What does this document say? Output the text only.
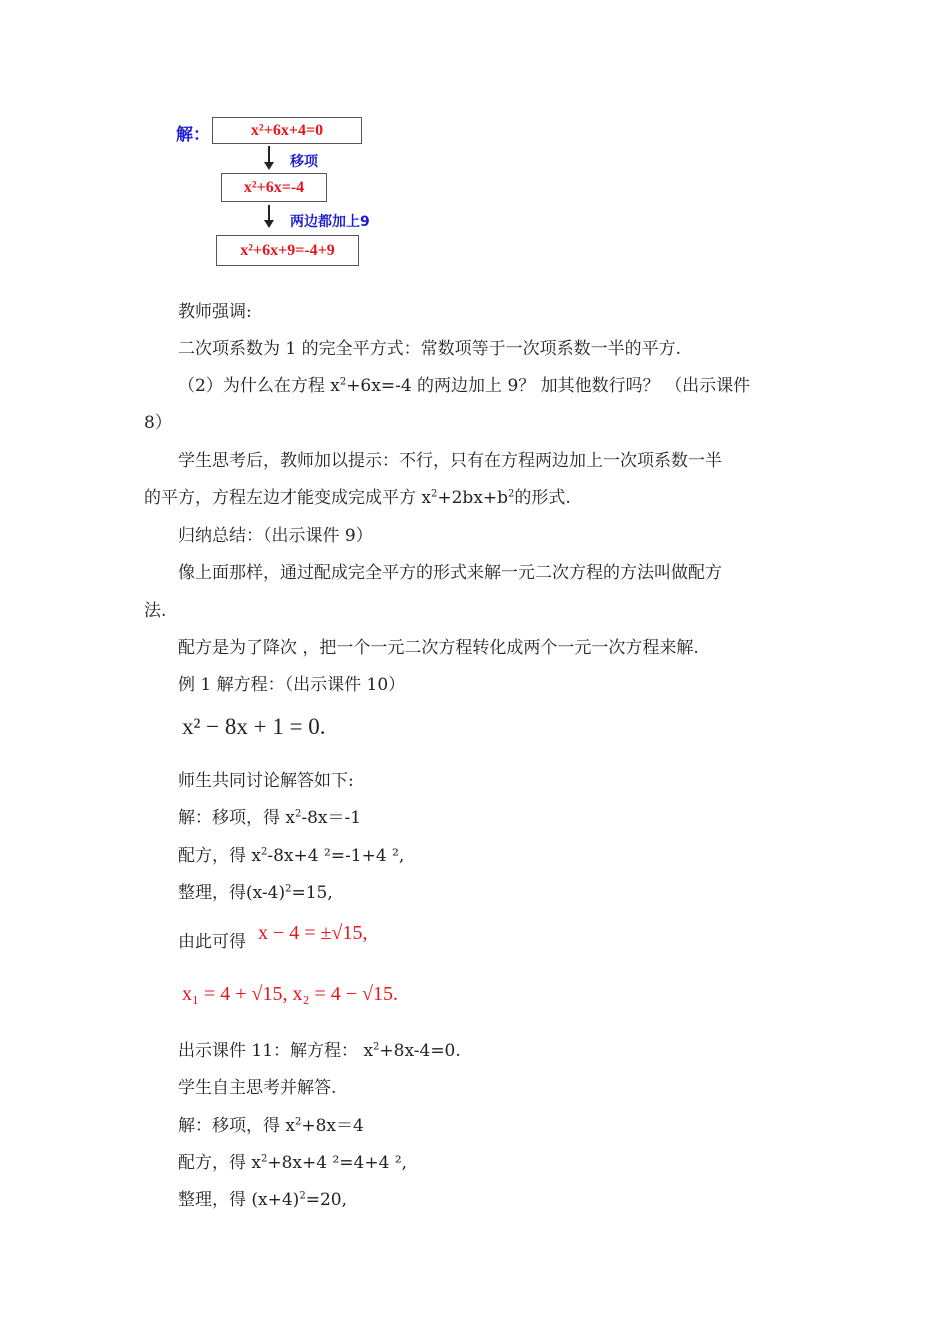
解：	x²+6x+4=0
移项
x²+6x=-4
两边都加上9
x²+6x+9=-4+9
教师强调:
二次项系数为 1 的完全平方式：常数项等于一次项系数一半的平方.
（2）为什么在方程 $x^2+6x=-4$ 的两边加上 9？ 加其他数行吗？ （出示课件
8）
学生思考后，教师加以提示：不行，只有在方程两边加上一次项系数一半
的平方，方程左边才能变成完成平方 $x^2+2bx+b^2$的形式.
归纳总结：（出示课件 9）
像上面那样，通过配成完全平方的形式来解一元二次方程的方法叫做配方
法.
配方是为了降次 ，把一个一元二次方程转化成两个一元一次方程来解.
例 1 解方程：（出示课件 10）
x² − 8x + 1 = 0.
师生共同讨论解答如下:
解：移项，得 $x^2-8x=-1$
配方，得 $x^2-8x+4$ ²=-1+4 ²,
整理，得$(x-4)^2=15$,
由此可得 x − 4 = ±√15,
x₁ = 4 + √15, x₂ = 4 − √15.
出示课件 11：解方程： $x^2+8x-4=0$.
学生自主思考并解答.
解：移项，得 $x^2+8x=4$
配方，得 $x^2+8x+4$ ²=4+4 ²,
整理，得 $(x+4)^2=20$,
